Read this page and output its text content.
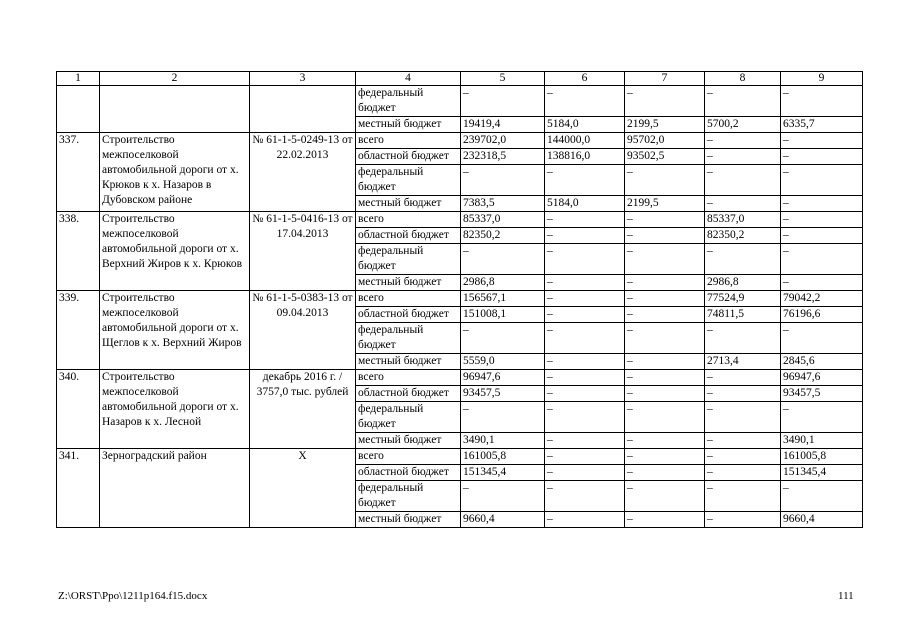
1	2	3	4	5	6	7	8	9
			федеральный бюджет	–	–	–	–	–
			местный бюджет	19419,4	5184,0	2199,5	5700,2	6335,7
337.	Строительство межпоселковой автомобильной дороги от х. Крюков к х. Назаров в Дубовском районе	№ 61-1-5-0249-13 от 22.02.2013	всего	239702,0	144000,0	95702,0	–	–
			областной бюджет	232318,5	138816,0	93502,5	–	–
			федеральный бюджет	–	–	–	–	–
			местный бюджет	7383,5	5184,0	2199,5	–	–
338.	Строительство межпоселковой автомобильной дороги от х. Верхний Жиров к х. Крюков	№ 61-1-5-0416-13 от 17.04.2013	всего	85337,0	–	–	85337,0	–
			областной бюджет	82350,2	–	–	82350,2	–
			федеральный бюджет	–	–	–	–	–
			местный бюджет	2986,8	–	–	2986,8	–
339.	Строительство межпоселковой автомобильной дороги от х. Щеглов к х. Верхний Жиров	№ 61-1-5-0383-13 от 09.04.2013	всего	156567,1	–	–	77524,9	79042,2
			областной бюджет	151008,1	–	–	74811,5	76196,6
			федеральный бюджет	–	–	–	–	–
			местный бюджет	5559,0	–	–	2713,4	2845,6
340.	Строительство межпоселковой автомобильной дороги от х. Назаров к х. Лесной	декабрь 2016 г. / 3757,0 тыс. рублей	всего	96947,6	–	–	–	96947,6
			областной бюджет	93457,5	–	–	–	93457,5
			федеральный бюджет	–	–	–	–	–
			местный бюджет	3490,1	–	–	–	3490,1
341.	Зерноградский район	Х	всего	161005,8	–	–	–	161005,8
			областной бюджет	151345,4	–	–	–	151345,4
			федеральный бюджет	–	–	–	–	–
			местный бюджет	9660,4	–	–	–	9660,4
Z:\ORST\Ppo\1211p164.f15.docx	111
